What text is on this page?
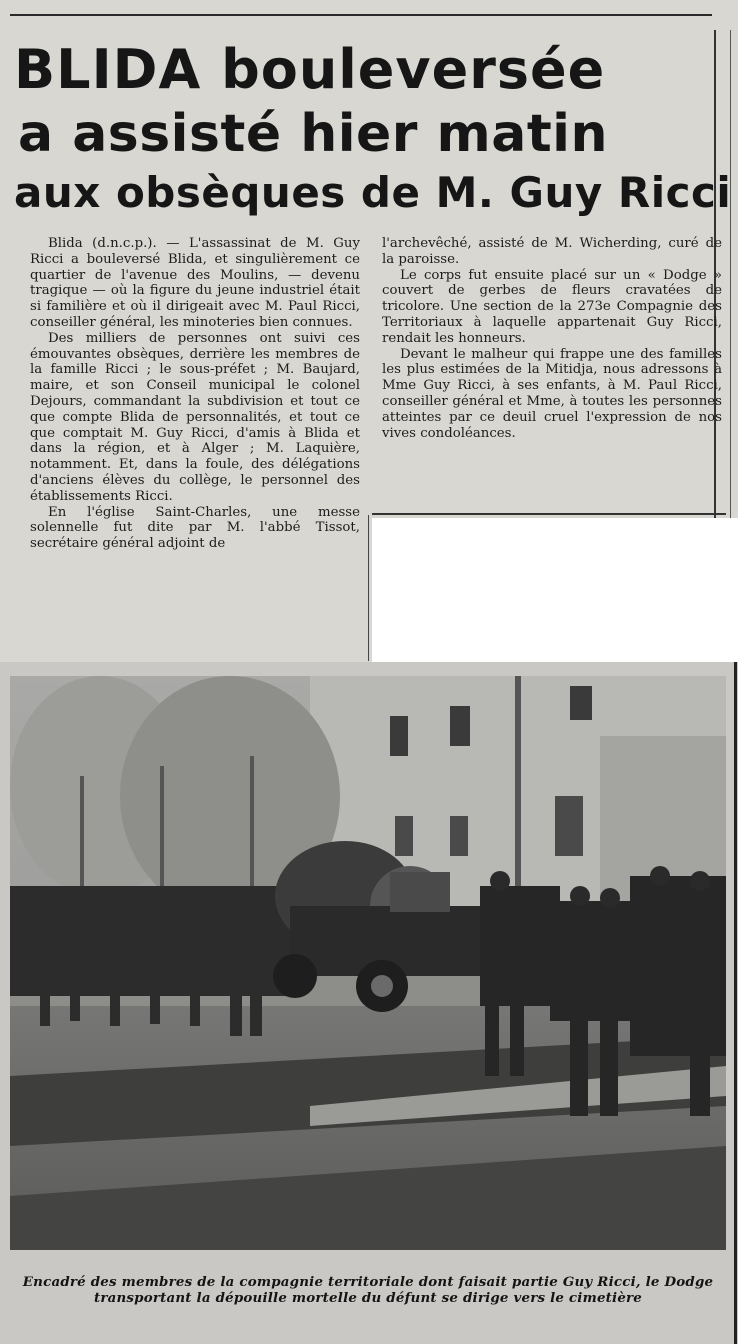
BLIDA bouleversée
a assisté hier matin
aux obsèques de M. Guy Ricci

Blida (d.n.c.p.). — L'assassinat de M. Guy Ricci a bouleversé Blida, et singulièrement ce quartier de l'avenue des Moulins, — devenu tragique — où la figure du jeune industriel était si familière et où il dirigeait avec M. Paul Ricci, conseiller général, les minoteries bien connues.

Des milliers de personnes ont suivi ces émouvantes obsèques, derrière les membres de la famille Ricci ; le sous-préfet ; M. Baujard, maire, et son Conseil municipal le colonel Dejours, commandant la subdivision et tout ce que compte Blida de personnalités, et tout ce que comptait M. Guy Ricci, d'amis à Blida et dans la région, et à Alger ; M. Laquière, notamment. Et, dans la foule, des délégations d'anciens élèves du collège, le personnel des établissements Ricci.

En l'église Saint-Charles, une messe solennelle fut dite par M. l'abbé Tissot, secrétaire général adjoint de

l'archevêché, assisté de M. Wicherding, curé de la paroisse.

Le corps fut ensuite placé sur un « Dodge » couvert de gerbes de fleurs cravatées de tricolore. Une section de la 273e Compagnie des Territoriaux à laquelle appartenait Guy Ricci, rendait les honneurs.

Devant le malheur qui frappe une des familles les plus estimées de la Mitidja, nous adressons à Mme Guy Ricci, à ses enfants, à M. Paul Ricci, conseiller général et Mme, à toutes les personnes atteintes par ce deuil cruel l'expression de nos vives condoléances.

Encadré des membres de la compagnie territoriale dont faisait partie Guy Ricci, le Dodge transportant la dépouille mortelle du défunt se dirige vers le cimetière
